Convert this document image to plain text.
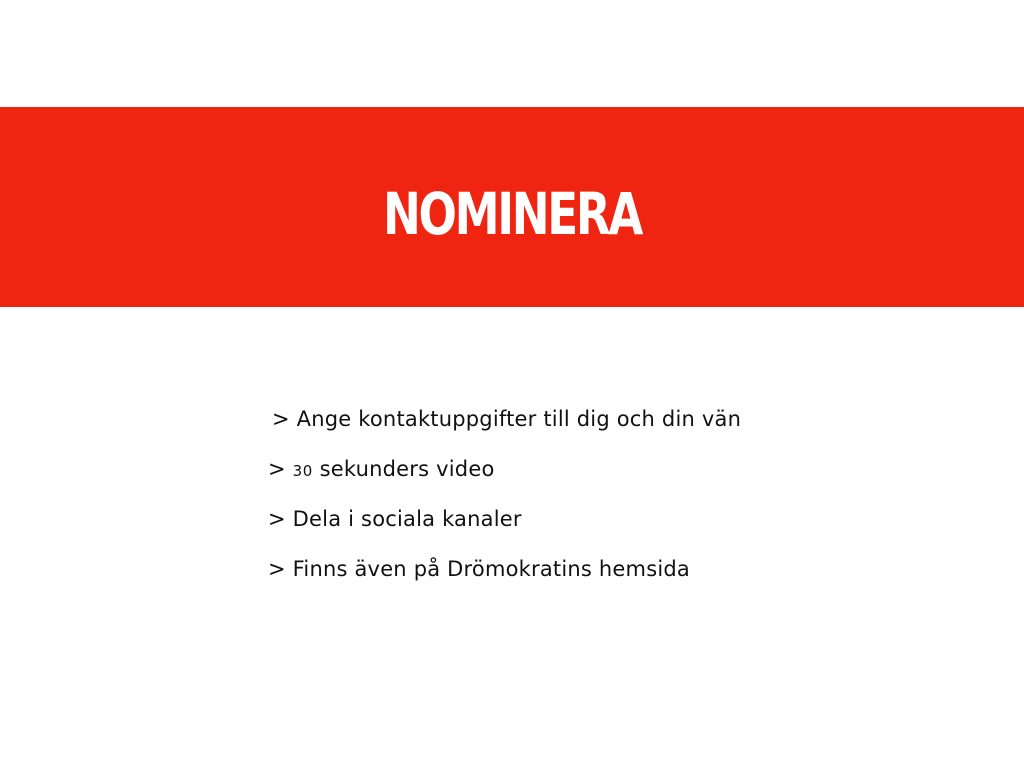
NOMINERA
> Ange kontaktuppgifter till dig och din vän
> 30 sekunders video
> Dela i sociala kanaler
> Finns även på Drömokratins hemsida
